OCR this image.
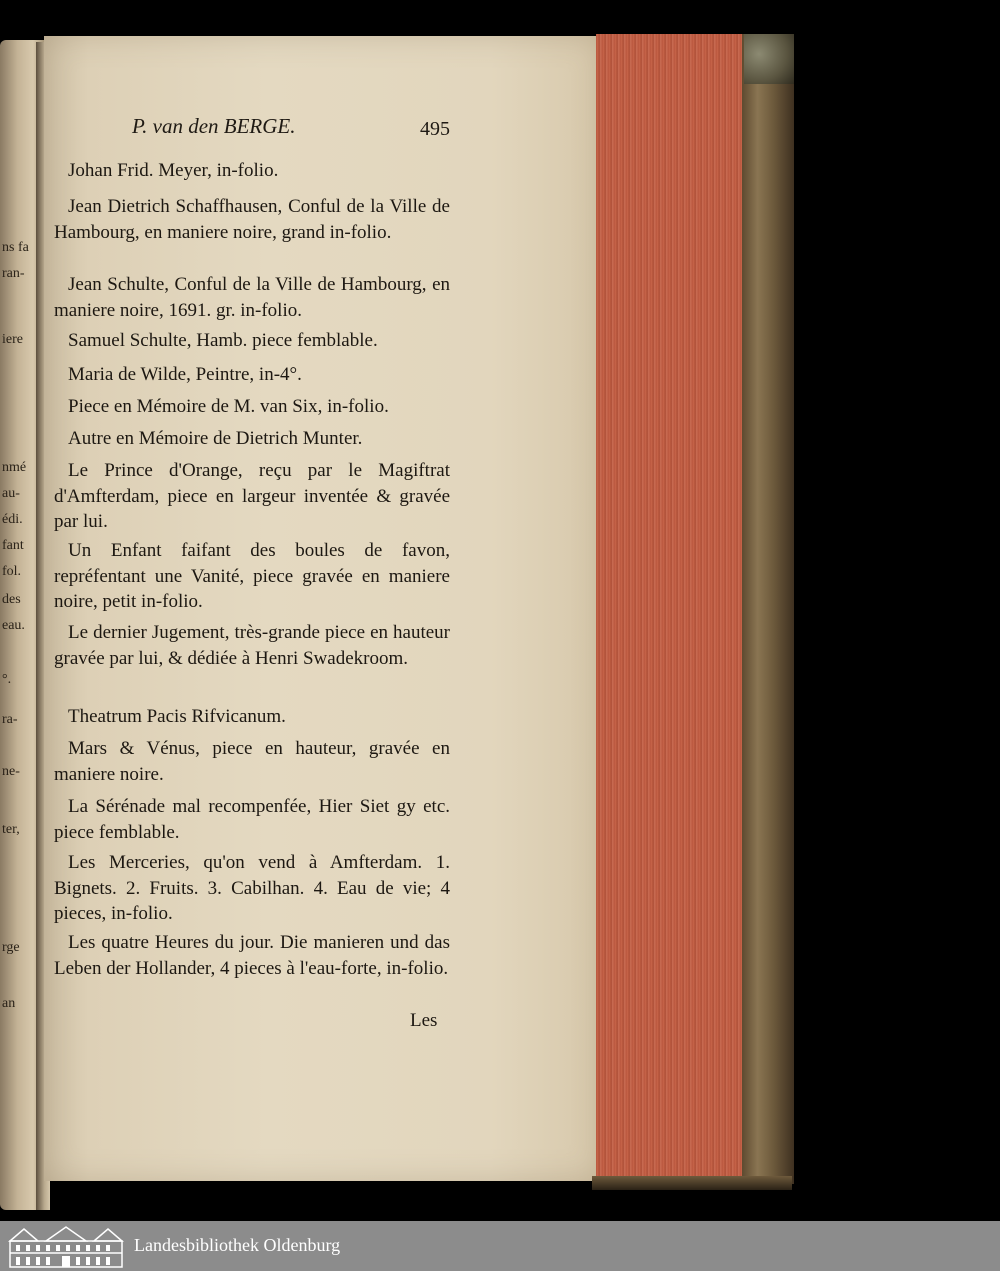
ns fa
ran-
iere
nmé
au-
édi.
fant
fol.
des
eau.
°.
ra-
ne-
ter,
rge
an
P. van den BERGE.	495
Johan Frid. Meyer, in-folio.
Jean Dietrich Schaffhausen, Conful de la Ville de Hambourg, en maniere noire, grand in-folio.
Jean Schulte, Conful de la Ville de Hambourg, en maniere noire, 1691. gr. in-folio.
Samuel Schulte, Hamb. piece femblable.
Maria de Wilde, Peintre, in-4°.
Piece en Mémoire de M. van Six, in-folio.
Autre en Mémoire de Dietrich Munter.
Le Prince d'Orange, reçu par le Magiftrat d'Amfterdam, piece en largeur inventée & gravée par lui.
Un Enfant faifant des boules de favon, repréfentant une Vanité, piece gravée en maniere noire, petit in-folio.
Le dernier Jugement, très-grande piece en hauteur gravée par lui, & dédiée à Henri Swadekroom.
Theatrum Pacis Rifvicanum.
Mars & Vénus, piece en hauteur, gravée en maniere noire.
La Sérénade mal recompenfée, Hier Siet gy etc. piece femblable.
Les Merceries, qu'on vend à Amfterdam. 1. Bignets. 2. Fruits. 3. Cabilhan. 4. Eau de vie; 4 pieces, in-folio.
Les quatre Heures du jour. Die manieren und das Leben der Hollander, 4 pieces à l'eau-forte, in-folio.
Les
Landesbibliothek Oldenburg
